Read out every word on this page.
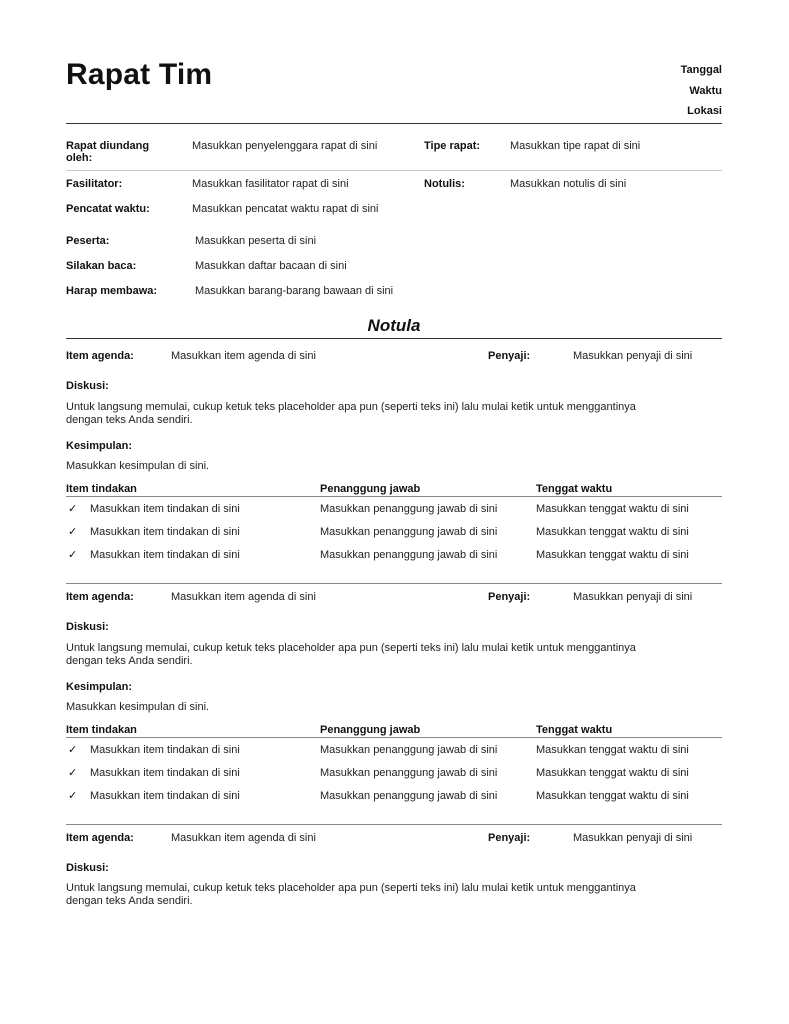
Rapat Tim	Tanggal
Waktu
Lokasi
Rapat diundang
oleh:
Masukkan penyelenggara rapat di sini	Tipe rapat:	Masukkan tipe rapat di sini
Fasilitator:	Masukkan fasilitator rapat di sini	Notulis:	Masukkan notulis di sini
Pencatat waktu:	Masukkan pencatat waktu rapat di sini
Peserta:	Masukkan peserta di sini
Silakan baca:	Masukkan daftar bacaan di sini
Harap membawa:	Masukkan barang-barang bawaan di sini
Notula
Item agenda:	Masukkan item agenda di sini	Penyaji:	Masukkan penyaji di sini
Diskusi:
Untuk langsung memulai, cukup ketuk teks placeholder apa pun (seperti teks ini) lalu mulai ketik untuk menggantinya
dengan teks Anda sendiri.
Kesimpulan:
Masukkan kesimpulan di sini.
Item tindakan	Penanggung jawab	Tenggat waktu
✓ Masukkan item tindakan di sini	Masukkan penanggung jawab di sini	Masukkan tenggat waktu di sini
✓ Masukkan item tindakan di sini	Masukkan penanggung jawab di sini	Masukkan tenggat waktu di sini
✓ Masukkan item tindakan di sini	Masukkan penanggung jawab di sini	Masukkan tenggat waktu di sini
Item agenda:	Masukkan item agenda di sini	Penyaji:	Masukkan penyaji di sini
Diskusi:
Untuk langsung memulai, cukup ketuk teks placeholder apa pun (seperti teks ini) lalu mulai ketik untuk menggantinya
dengan teks Anda sendiri.
Kesimpulan:
Masukkan kesimpulan di sini.
Item tindakan	Penanggung jawab	Tenggat waktu
✓ Masukkan item tindakan di sini	Masukkan penanggung jawab di sini	Masukkan tenggat waktu di sini
✓ Masukkan item tindakan di sini	Masukkan penanggung jawab di sini	Masukkan tenggat waktu di sini
✓ Masukkan item tindakan di sini	Masukkan penanggung jawab di sini	Masukkan tenggat waktu di sini
Item agenda:	Masukkan item agenda di sini	Penyaji:	Masukkan penyaji di sini
Diskusi:
Untuk langsung memulai, cukup ketuk teks placeholder apa pun (seperti teks ini) lalu mulai ketik untuk menggantinya
dengan teks Anda sendiri.
